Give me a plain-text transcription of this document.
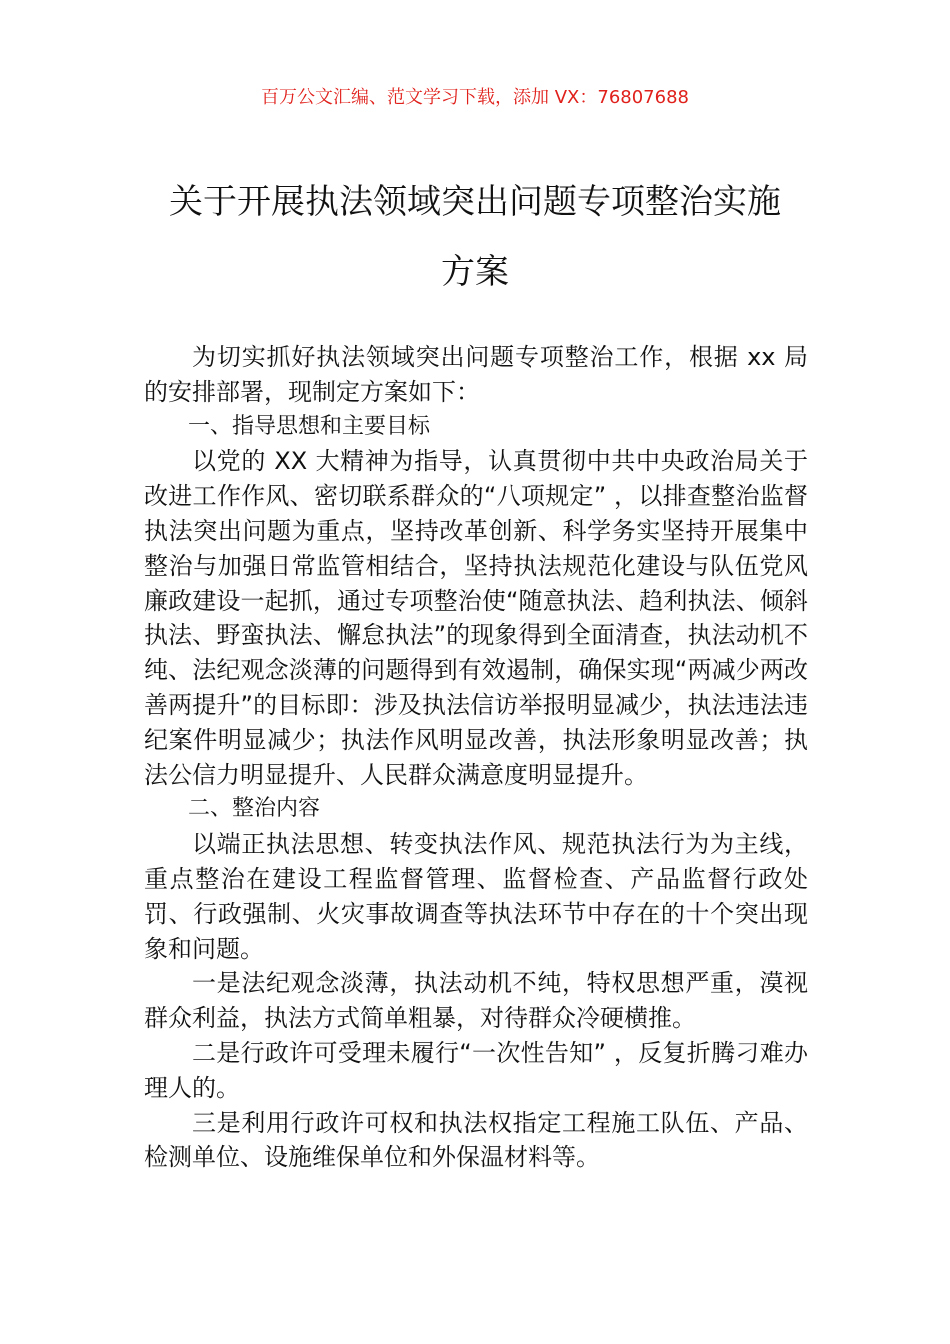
百万公文汇编、范文学习下载，添加 VX：76807688
关于开展执法领域突出问题专项整治实施
方案

为切实抓好执法领域突出问题专项整治工作，根据 xx 局的安排部署，现制定方案如下：

一、指导思想和主要目标

以党的 XX 大精神为指导，认真贯彻中共中央政治局关于改进工作作风、密切联系群众的“八项规定” ，以排查整治监督执法突出问题为重点，坚持改革创新、科学务实坚持开展集中整治与加强日常监管相结合，坚持执法规范化建设与队伍党风廉政建设一起抓，通过专项整治使“随意执法、趋利执法、倾斜执法、野蛮执法、懈怠执法”的现象得到全面清查，执法动机不纯、法纪观念淡薄的问题得到有效遏制，确保实现“两减少两改善两提升”的目标即：涉及执法信访举报明显减少，执法违法违纪案件明显减少；执法作风明显改善，执法形象明显改善；执法公信力明显提升、人民群众满意度明显提升。

二、整治内容

以端正执法思想、转变执法作风、规范执法行为为主线，重点整治在建设工程监督管理、监督检查、产品监督行政处罚、行政强制、火灾事故调查等执法环节中存在的十个突出现象和问题。

一是法纪观念淡薄，执法动机不纯，特权思想严重，漠视群众利益，执法方式简单粗暴，对待群众冷硬横推。

二是行政许可受理未履行“一次性告知” ，反复折腾刁难办理人的。

三是利用行政许可权和执法权指定工程施工队伍、产品、检测单位、设施维保单位和外保温材料等。
